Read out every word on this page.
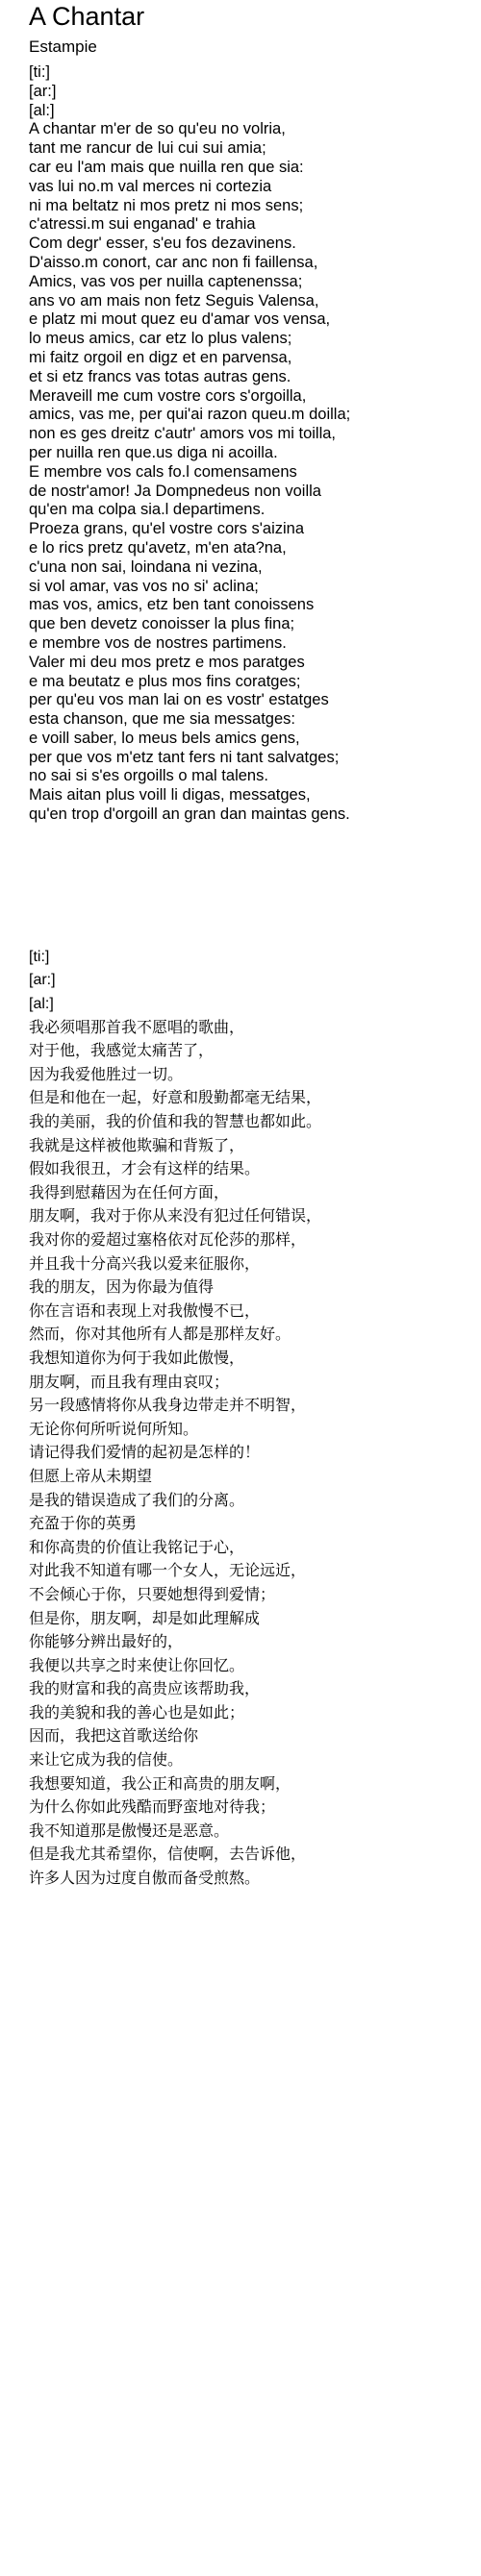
A Chantar
Estampie
[ti:]
[ar:]
[al:]
A chantar m'er de so qu'eu no volria,
tant me rancur de lui cui sui amia;
car eu l'am mais que nuilla ren que sia:
vas lui no.m val merces ni cortezia
ni ma beltatz ni mos pretz ni mos sens;
c'atressi.m sui enganad' e trahia
Com degr' esser, s'eu fos dezavinens.
D'aisso.m conort, car anc non fi faillensa,
Amics, vas vos per nuilla captenenssa;
ans vo am mais non fetz Seguis Valensa,
e platz mi mout quez eu d'amar vos vensa,
lo meus amics, car etz lo plus valens;
mi faitz orgoil en digz et en parvensa,
et si etz francs vas totas autras gens.
Meraveill me cum vostre cors s'orgoilla,
amics, vas me, per qui'ai razon queu.m doilla;
non es ges dreitz c'autr' amors vos mi toilla,
per nuilla ren que.us diga ni acoilla.
E membre vos cals fo.l comensamens
de nostr'amor! Ja Dompnedeus non voilla
qu'en ma colpa sia.l departimens.
Proeza grans, qu'el vostre cors s'aizina
e lo rics pretz qu'avetz, m'en ata?na,
c'una non sai, loindana ni vezina,
si vol amar, vas vos no si' aclina;
mas vos, amics, etz ben tant conoissens
que ben devetz conoisser la plus fina;
e membre vos de nostres partimens.
Valer mi deu mos pretz e mos paratges
e ma beutatz e plus mos fins coratges;
per qu'eu vos man lai on es vostr' estatges
esta chanson, que me sia messatges:
e voill saber, lo meus bels amics gens,
per que vos m'etz tant fers ni tant salvatges;
no sai si s'es orgoills o mal talens.
Mais aitan plus voill li digas, messatges,
qu'en trop d'orgoill an gran dan maintas gens.
[ti:]
[ar:]
[al:]
我必须唱那首我不愿唱的歌曲，
对于他，我感觉太痛苦了，
因为我爱他胜过一切。
但是和他在一起，好意和殷勤都毫无结果，
我的美丽，我的价值和我的智慧也都如此。
我就是这样被他欺骗和背叛了，
假如我很丑，才会有这样的结果。
我得到慰藉因为在任何方面，
朋友啊，我对于你从来没有犯过任何错误，
我对你的爱超过塞格依对瓦伦莎的那样，
并且我十分高兴我以爱来征服你，
我的朋友，因为你最为值得
你在言语和表现上对我傲慢不已，
然而，你对其他所有人都是那样友好。
我想知道你为何于我如此傲慢，
朋友啊，而且我有理由哀叹；
另一段感情将你从我身边带走并不明智，
无论你何所听说何所知。
请记得我们爱情的起初是怎样的！
但愿上帝从未期望
是我的错误造成了我们的分离。
充盈于你的英勇
和你高贵的价值让我铭记于心，
对此我不知道有哪一个女人，无论远近，
不会倾心于你，只要她想得到爱情；
但是你，朋友啊，却是如此理解成
你能够分辨出最好的，
我便以共享之时来使让你回忆。
我的财富和我的高贵应该帮助我，
我的美貌和我的善心也是如此；
因而，我把这首歌送给你
来让它成为我的信使。
我想要知道，我公正和高贵的朋友啊，
为什么你如此残酷而野蛮地对待我；
我不知道那是傲慢还是恶意。
但是我尤其希望你，信使啊，去告诉他，
许多人因为过度自傲而备受煎熬。
